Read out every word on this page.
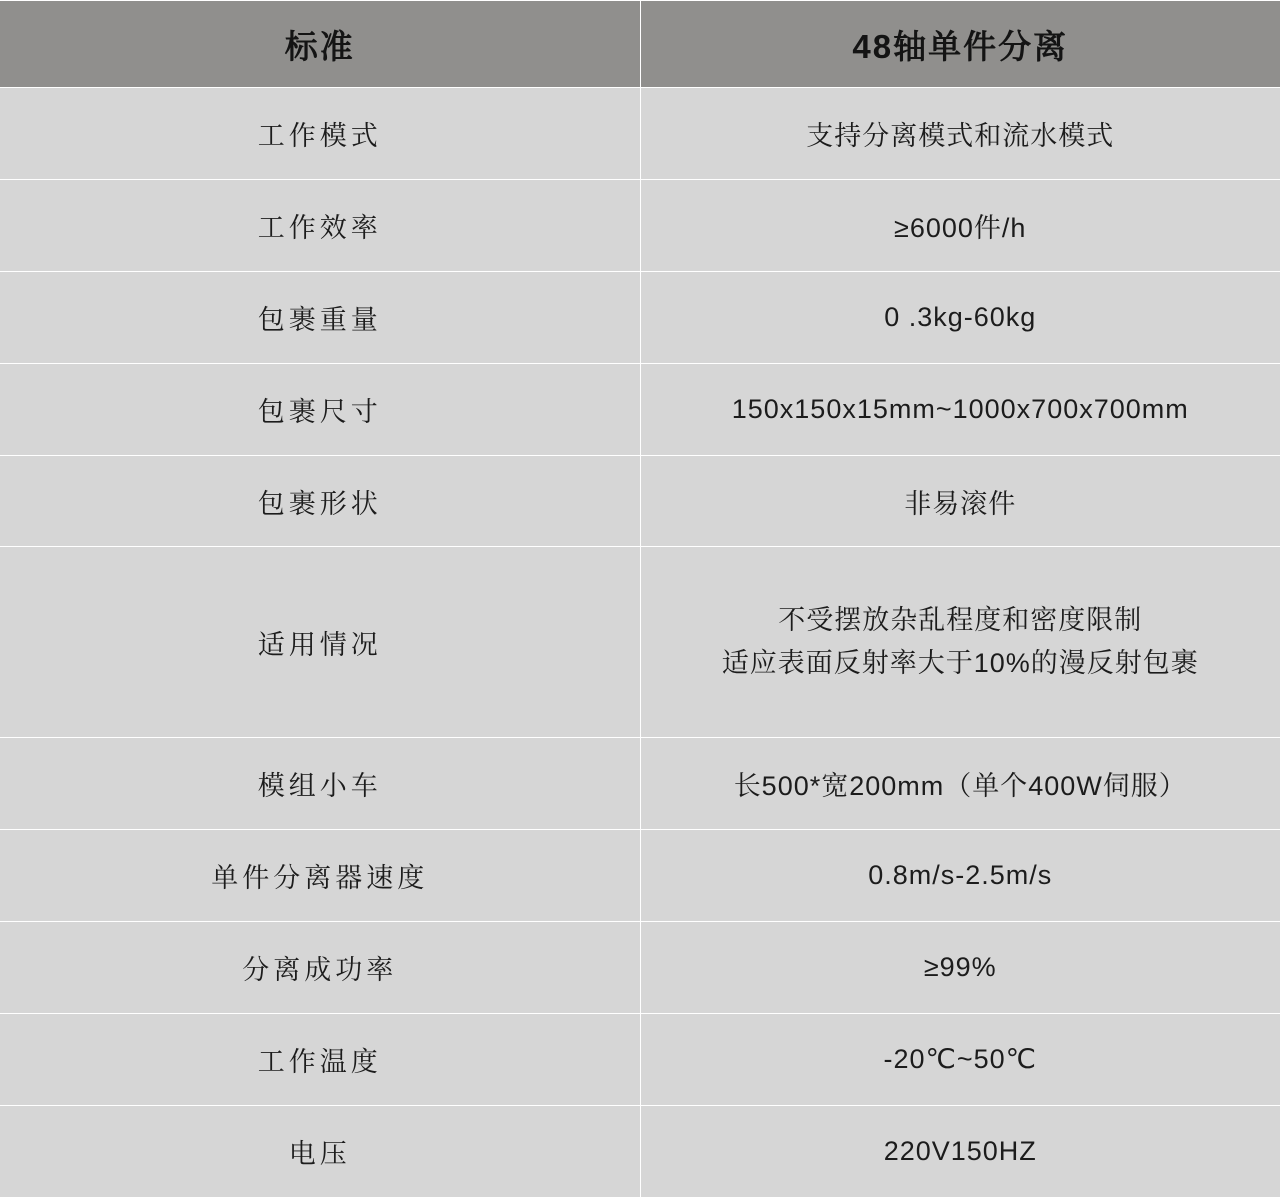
标准	48轴单件分离
工作模式	支持分离模式和流水模式
工作效率	≥6000件/h
包裹重量	0 .3kg-60kg
包裹尺寸	150x150x15mm~1000x700x700mm
包裹形状	非易滚件
适用情况	不受摆放杂乱程度和密度限制
适应表面反射率大于10%的漫反射包裹

模组小车	长500*宽200mm（单个400W伺服）
单件分离器速度	0.8m/s-2.5m/s
分离成功率	≥99%
工作温度	-20℃~50℃
电压	220V150HZ
